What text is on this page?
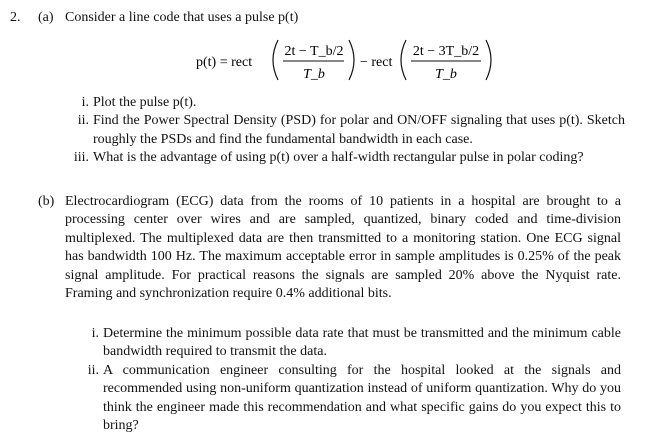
2. (a) Consider a line code that uses a pulse p(t)
p(t) = rect
2t − T_b/2
T_b
− rect
2t − 3T_b/2
T_b
i. Plot the pulse p(t).
ii. Find the Power Spectral Density (PSD) for polar and ON/OFF signaling that uses p(t). Sketch roughly the PSDs and find the fundamental bandwidth in each case.
iii. What is the advantage of using p(t) over a half-width rectangular pulse in polar coding?
(b) Electrocardiogram (ECG) data from the rooms of 10 patients in a hospital are brought to a processing center over wires and are sampled, quantized, binary coded and time-division multiplexed. The multiplexed data are then transmitted to a monitoring station. One ECG signal has bandwidth 100 Hz. The maximum acceptable error in sample amplitudes is 0.25% of the peak signal amplitude. For practical reasons the signals are sampled 20% above the Nyquist rate. Framing and synchronization require 0.4% additional bits.

i. Determine the minimum possible data rate that must be transmitted and the minimum cable bandwidth required to transmit the data.
ii. A communication engineer consulting for the hospital looked at the signals and recommended using non-uniform quantization instead of uniform quantization. Why do you think the engineer made this recommendation and what specific gains do you expect this to bring?
